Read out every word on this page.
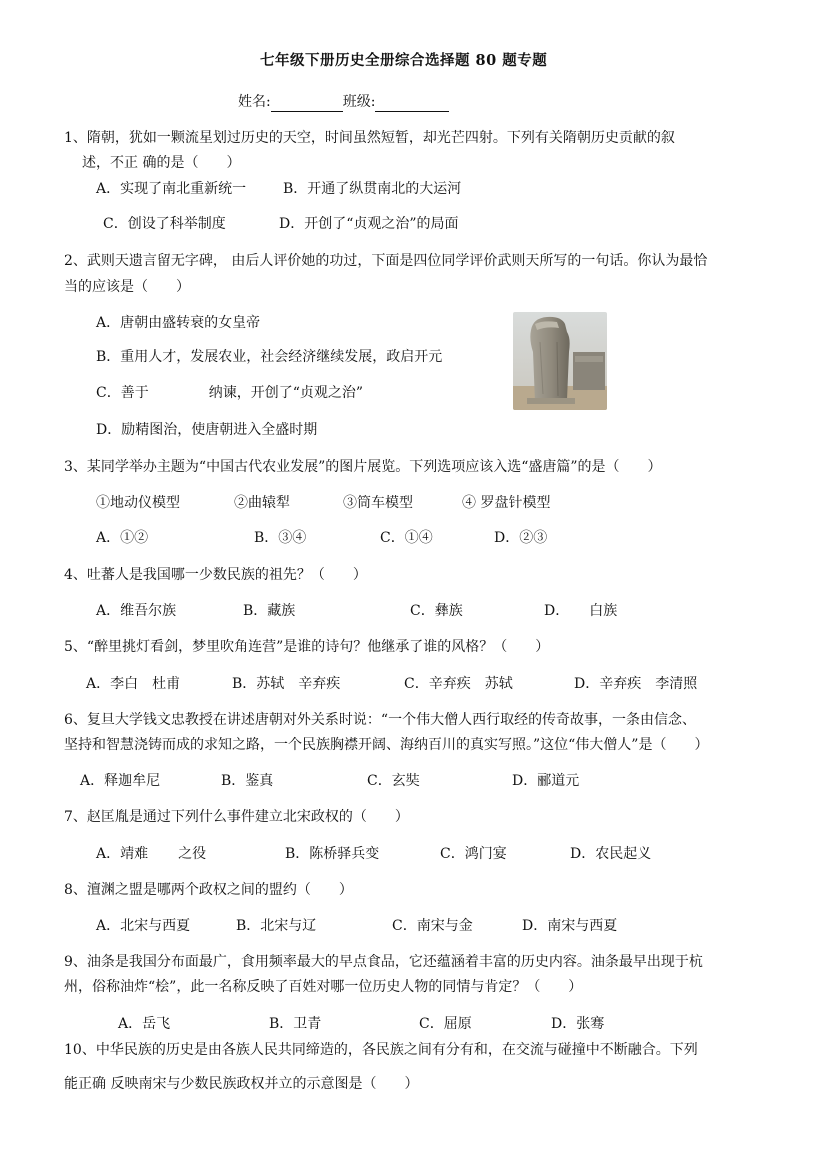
七年级下册历史全册综合选择题 80 题专题
姓名:	班级:
1、隋朝，犹如一颗流星划过历史的天空，时间虽然短暂，却光芒四射。下列有关隋朝历史贡献的叙
述，不正 确的是（　　）
A．实现了南北重新统一	B．开通了纵贯南北的大运河
C．创设了科举制度	D．开创了“贞观之治”的局面
2、武则天遗言留无字碑， 由后人评价她的功过，下面是四位同学评价武则天所写的一句话。你认为最恰
当的应该是（　　）
A．唐朝由盛转衰的女皇帝
B．重用人才，发展农业，社会经济继续发展，政启开元
C．善于	纳谏，开创了“贞观之治”
D．励精图治，使唐朝进入全盛时期
3、某同学举办主题为“中国古代农业发展”的图片展览。下列选项应该入选“盛唐篇”的是（　　）
①地动仪模型	②曲辕犁	③筒车模型	④ 罗盘针模型
A．①②	B．③④	C．①④	D．②③
4、吐蕃人是我国哪一少数民族的祖先？（　　）
A．维吾尔族	B．藏族	C．彝族	D． 白族
5、“醉里挑灯看剑，梦里吹角连营”是谁的诗句？他继承了谁的风格？（　　）
A．李白 杜甫	B．苏轼 辛弃疾	C．辛弃疾 苏轼	D．辛弃疾 李清照
6、复旦大学钱文忠教授在讲述唐朝对外关系时说：“一个伟大僧人西行取经的传奇故事，一条由信念、
坚持和智慧浇铸而成的求知之路，一个民族胸襟开阔、海纳百川的真实写照。”这位“伟大僧人”是（　　）
A．释迦牟尼	B．鉴真	C．玄奘	D．郦道元
7、赵匡胤是通过下列什么事件建立北宋政权的（　　）
A．靖难 之役	B．陈桥驿兵变	C．鸿门宴	D．农民起义
8、澶渊之盟是哪两个政权之间的盟约（　　）
A．北宋与西夏	B．北宋与辽	C．南宋与金	D．南宋与西夏
9、油条是我国分布面最广，食用频率最大的早点食品，它还蕴涵着丰富的历史内容。油条最早出现于杭
州，俗称油炸“桧”，此一名称反映了百姓对哪一位历史人物的同情与肯定？（　　）
A．岳飞	B．卫青	C．屈原	D．张骞
10、中华民族的历史是由各族人民共同缔造的，各民族之间有分有和，在交流与碰撞中不断融合。下列
能正确 反映南宋与少数民族政权并立的示意图是（　　）
